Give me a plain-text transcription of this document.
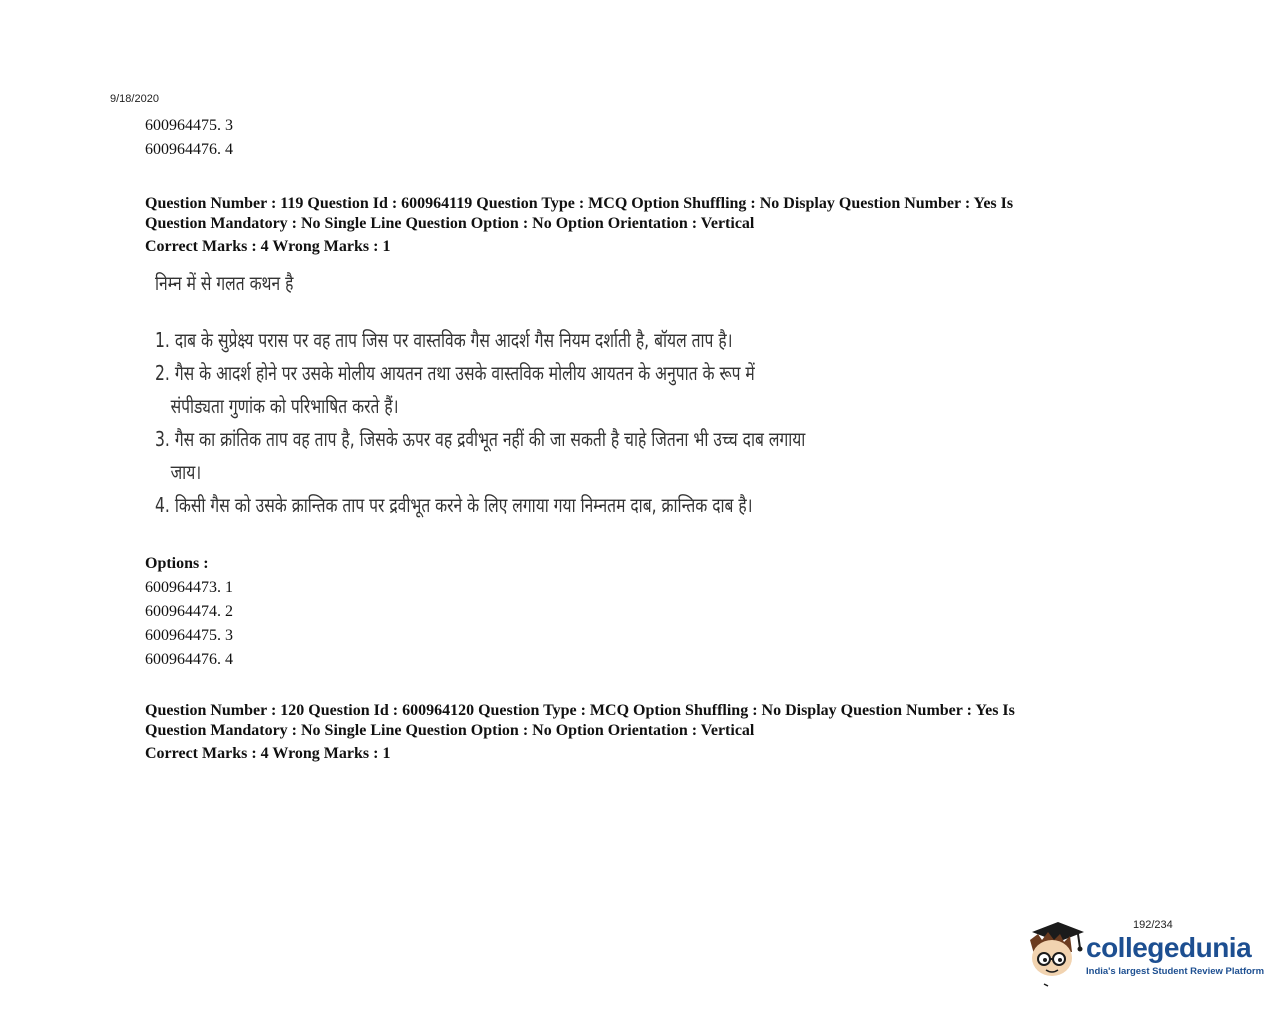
9/18/2020
600964475. 3
600964476. 4
Question Number : 119 Question Id : 600964119 Question Type : MCQ Option Shuffling : No Display Question Number : Yes Is
Question Mandatory : No Single Line Question Option : No Option Orientation : Vertical
Correct Marks : 4 Wrong Marks : 1
निम्न में से गलत कथन है
1. दाब के सुप्रेक्ष्य परास पर वह ताप जिस पर वास्तविक गैस आदर्श गैस नियम दर्शाती है, बॉयल ताप है।
2. गैस के आदर्श होने पर उसके मोलीय आयतन तथा उसके वास्तविक मोलीय आयतन के अनुपात के रूप में
संपीड्यता गुणांक को परिभाषित करते हैं।
3. गैस का क्रांतिक ताप वह ताप है, जिसके ऊपर वह द्रवीभूत नहीं की जा सकती है चाहे जितना भी उच्च दाब लगाया
जाय।
4. किसी गैस को उसके क्रान्तिक ताप पर द्रवीभूत करने के लिए लगाया गया निम्नतम दाब, क्रान्तिक दाब है।
Options :
600964473. 1
600964474. 2
600964475. 3
600964476. 4
Question Number : 120 Question Id : 600964120 Question Type : MCQ Option Shuffling : No Display Question Number : Yes Is
Question Mandatory : No Single Line Question Option : No Option Orientation : Vertical
Correct Marks : 4 Wrong Marks : 1
192/234
collegedunia
India's largest Student Review Platform
